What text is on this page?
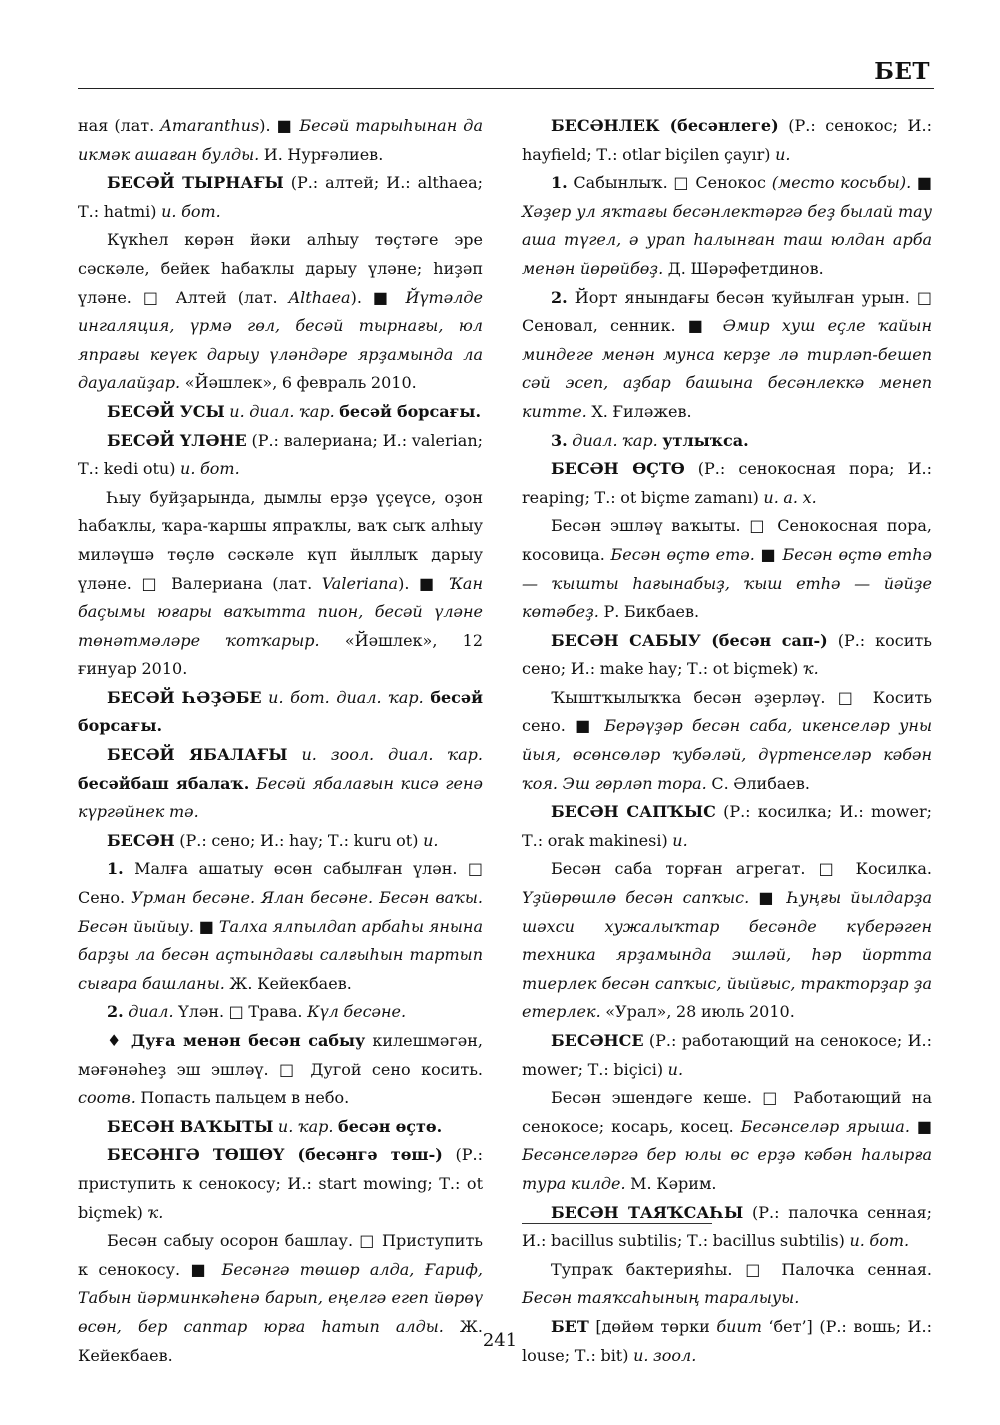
БЕТ

ная (лат. Amaranthus). ■ Бесәй тарыһынан да икмәк ашаған булды. И. Нурғәлиев.

БЕСӘЙ ТЫРНАҒЫ (Р.: алтей; И.: althaea; Т.: hatmi) и. бот.

Күкһел көрән йәки алһыу төҫтәге эре сәскәле, бейек һабаҡлы дарыу үләне; һиҙәп үләне. □ Алтей (лат. Althaea). ■ Йүтәлде ингаляция, үрмә гөл, бесәй тырнағы, юл япрағы кеүек дарыу үләндәре ярҙамында ла дауалайҙар. «Йәшлек», 6 февраль 2010.

БЕСӘЙ УСЫ и. диал. ҡар. бесәй борсағы.

БЕСӘЙ ҮЛӘНЕ (Р.: валериана; И.: valerian; Т.: kedi otu) и. бот.

Һыу буйҙарында, дымлы ерҙә үҫеүсе, оҙон һабаҡлы, ҡара-ҡаршы япраҡлы, ваҡ сыҡ алһыу миләүшә төҫлө сәскәле күп йыллыҡ дарыу үләне. □ Валериана (лат. Valeriana). ■ Ҡан баҫымы юғары ваҡытта пион, бесәй үләне төнәтмәләре ҡотҡарыр. «Йәшлек», 12 ғинуар 2010.

БЕСӘЙ ҺӘҘӘБЕ и. бот. диал. ҡар. бесәй борсағы.

БЕСӘЙ ЯБАЛАҒЫ и. зоол. диал. ҡар. бесәйбаш ябалаҡ. Бесәй ябалағын кисә генә күргәйнек тә.

БЕСӘН (Р.: сено; И.: hay; Т.: kuru ot) и.

1. Малға ашатыу өсөн сабылған үлән. □ Сено. Урман бесәне. Ялан бесәне. Бесән ваҡы. Бесән йыйыу. ■ Талха ялпылдап арбаһы янына барҙы ла бесән аҫтындағы салғыһын тартып сығара башланы. Ж. Кейекбаев.

2. диал. Үлән. □ Трава. Күл бесәне.

♦ Дуға менән бесән сабыу килешмәгән, мәғәнәһеҙ эш эшләү. □ Дугой сено косить. соотв. Попасть пальцем в небо.

БЕСӘН ВАҠЫТЫ и. ҡар. бесән өҫтө.

БЕСӘНГӘ ТӨШӨҮ (бесәнгә төш-) (Р.: приступить к сенокосу; И.: start mowing; Т.: ot biçmek) ҡ.

Бесән сабыу осорон башлау. □ Приступить к сенокосу. ■ Бесәнгә төшөр алда, Ғариф, Табын йәрминкәһенә барып, еңелгә егеп йөрөү өсөн, бер саптар юрға һатып алды. Ж. Кейекбаев.

БЕСӘНЛЕК (бесәнлеге) (Р.: сенокос; И.: hayfield; Т.: otlar biçilen çayır) и.

1. Сабынлыҡ. □ Сенокос (место косьбы). ■ Хәҙер ул яҡтағы бесәнлектәргә беҙ былай тау аша түгел, ә урап һалынған таш юлдан арба менән йөрөйбөҙ. Д. Шәрәфетдинов.

2. Йорт янындағы бесән ҡуйылған урын. □ Сеновал, сенник. ■ Әмир хуш еҫле ҡайын миндеге менән мунса керҙе лә тирләп-бешеп сәй эсеп, аҙбар башына бесәнлеккә менеп китте. Х. Ғиләжев.

3. диал. ҡар. утлыҡса.

БЕСӘН ӨҪТӨ (Р.: сенокосная пора; И.: reaping; Т.: ot biçme zamanı) и. а. х.

Бесән эшләү ваҡыты. □ Сенокосная пора, косовица. Бесән өҫтө етә. ■ Бесән өҫтө етһә — ҡышты һағынабыҙ, ҡыш етһә — йәйҙе көтәбеҙ. Р. Бикбаев.

БЕСӘН САБЫУ (бесән сап-) (Р.: косить сено; И.: make hay; Т.: ot biçmek) ҡ.

Ҡыштҡылыҡҡа бесән әҙерләү. □ Косить сено. ■ Берәүҙәр бесән саба, икенселәр уны йыя, өсөнсөләр ҡубәләй, дүртенселәр кәбән ҡоя. Эш гөрләп тора. С. Әлибаев.

БЕСӘН САПҠЫС (Р.: косилка; И.: mower; Т.: orak makinesi) и.

Бесән саба торған агрегат. □ Косилка. Үҙйөрөшлө бесән сапҡыс. ■ Һуңғы йылдарҙа шәхси хужалыҡтар бесәнде күберәген техника ярҙамында эшләй, һәр йортта тиерлек бесән сапҡыс, йыйғыс, тракторҙар ҙа етерлек. «Урал», 28 июль 2010.

БЕСӘНСЕ (Р.: работающий на сенокосе; И.: mower; Т.: biçici) и.

Бесән эшендәге кеше. □ Работающий на сенокосе; косарь, косец. Бесәнселәр ярыша. ■ Бесәнселәргә бер юлы өс ерҙә кәбән һалырға тура килде. М. Кәрим.

БЕСӘН ТАЯҠСАҺЫ (Р.: палочка сенная; И.: bacillus subtilis; Т.: bacillus subtilis) и. бот.

Тупраҡ бактерияһы. □ Палочка сенная. Бесән таяҡсаһының таралыуы.

БЕТ [дөйөм төрки биит ‘бет’] (Р.: вошь; И.: louse; Т.: bit) и. зоол.

241
